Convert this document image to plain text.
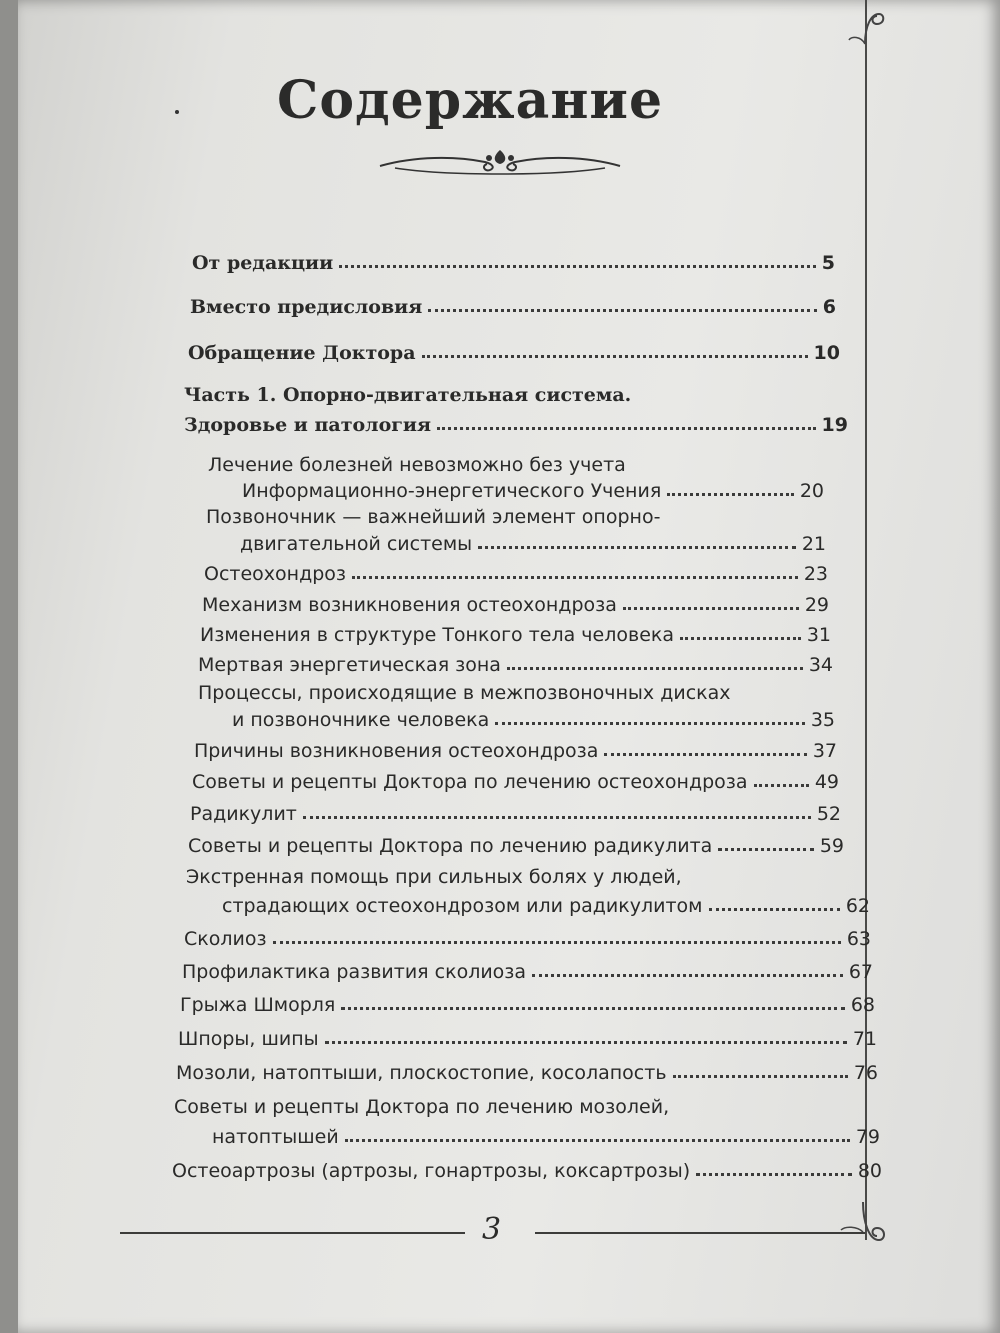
Содержание
От редакции	5
Вместо предисловия	6
Обращение Доктора	10
Часть 1. Опорно-двигательная система.
Здоровье и патология	19
Лечение болезней невозможно без учета
Информационно-энергетического Учения	20
Позвоночник — важнейший элемент опорно-
двигательной системы	21
Остеохондроз	23
Механизм возникновения остеохондроза	29
Изменения в структуре Тонкого тела человека	31
Мертвая энергетическая зона	34
Процессы, происходящие в межпозвоночных дисках
и позвоночнике человека	35
Причины возникновения остеохондроза	37
Советы и рецепты Доктора по лечению остеохондроза	49
Радикулит	52
Советы и рецепты Доктора по лечению радикулита	59
Экстренная помощь при сильных болях у людей,
страдающих остеохондрозом или радикулитом	62
Сколиоз	63
Профилактика развития сколиоза	67
Грыжа Шморля	68
Шпоры, шипы	71
Мозоли, натоптыши, плоскостопие, косолапость	76
Советы и рецепты Доктора по лечению мозолей,
натоптышей	79
Остеоартрозы (артрозы, гонартрозы, коксартрозы)	80
3
